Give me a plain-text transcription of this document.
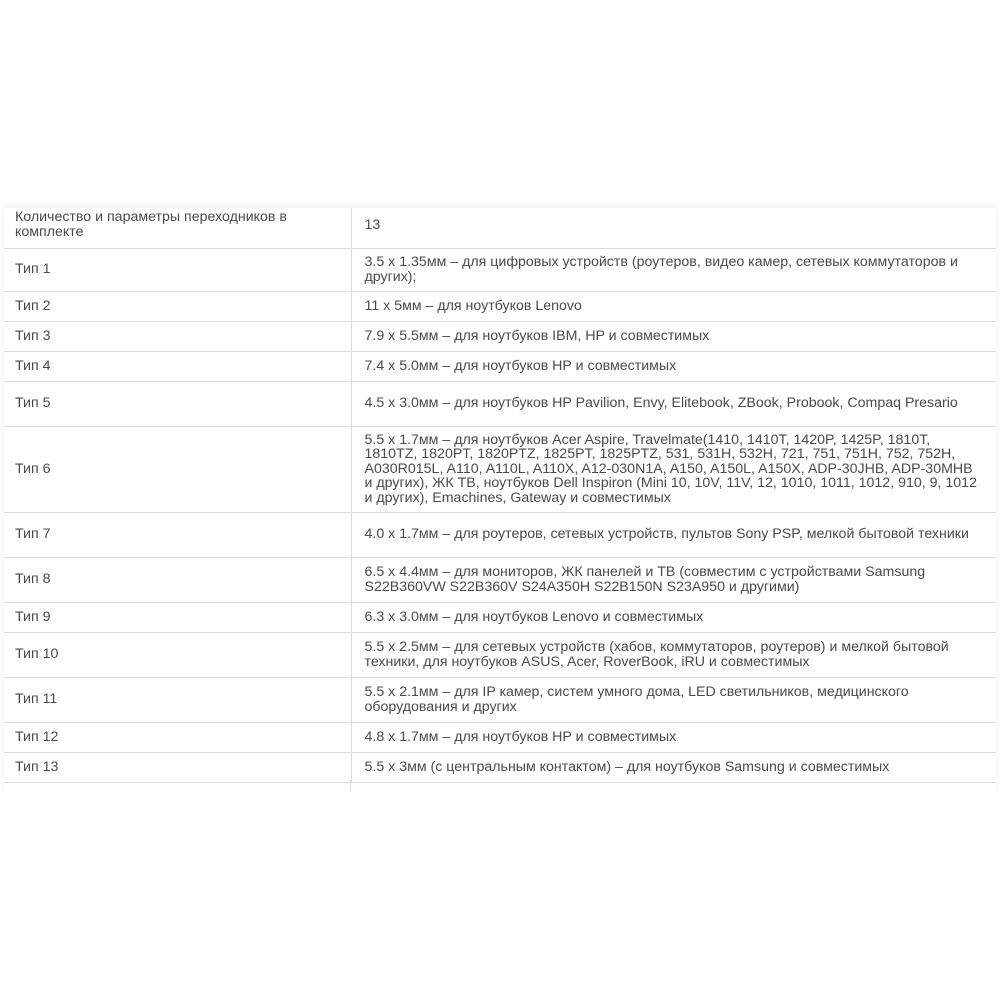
Количество и параметры переходников в комплекте	13
Тип 1	3.5 x 1.35мм – для цифровых устройств (роутеров, видео камер, сетевых коммутаторов и других);
Тип 2	11 x 5мм – для ноутбуков Lenovo
Тип 3	7.9 x 5.5мм – для ноутбуков IBM, HP и совместимых
Тип 4	7.4 x 5.0мм – для ноутбуков HP и совместимых
Тип 5	4.5 x 3.0мм – для ноутбуков HP Pavilion, Envy, Elitebook, ZBook, Probook, Compaq Presario
Тип 6	5.5 x 1.7мм – для ноутбуков Acer Aspire, Travelmate(1410, 1410T, 1420P, 1425P, 1810T, 1810TZ, 1820PT, 1820PTZ, 1825PT, 1825PTZ, 531, 531H, 532H, 721, 751, 751H, 752, 752H, A030R015L, A110, A110L, A110X, A12-030N1A, A150, A150L, A150X, ADP-30JHB, ADP-30MHB и других), ЖК ТВ, ноутбуков Dell Inspiron (Mini 10, 10V, 11V, 12, 1010, 1011, 1012, 910, 9, 1012 и других), Emachines, Gateway и совместимых
Тип 7	4.0 x 1.7мм – для роутеров, сетевых устройств, пультов Sony PSP, мелкой бытовой техники
Тип 8	6.5 x 4.4мм – для мониторов, ЖК панелей и ТВ (совместим с устройствами Samsung S22B360VW S22B360V S24A350H S22B150N S23A950 и другими)
Тип 9	6.3 x 3.0мм – для ноутбуков Lenovo и совместимых
Тип 10	5.5 x 2.5мм – для сетевых устройств (хабов, коммутаторов, роутеров) и мелкой бытовой техники, для ноутбуков ASUS, Acer, RoverBook, iRU и совместимых
Тип 11	5.5 x 2.1мм – для IP камер, систем умного дома, LED светильников, медицинского оборудования и других
Тип 12	4.8 x 1.7мм – для ноутбуков HP и совместимых
Тип 13	5.5 x 3мм (с центральным контактом) – для ноутбуков Samsung и совместимых
